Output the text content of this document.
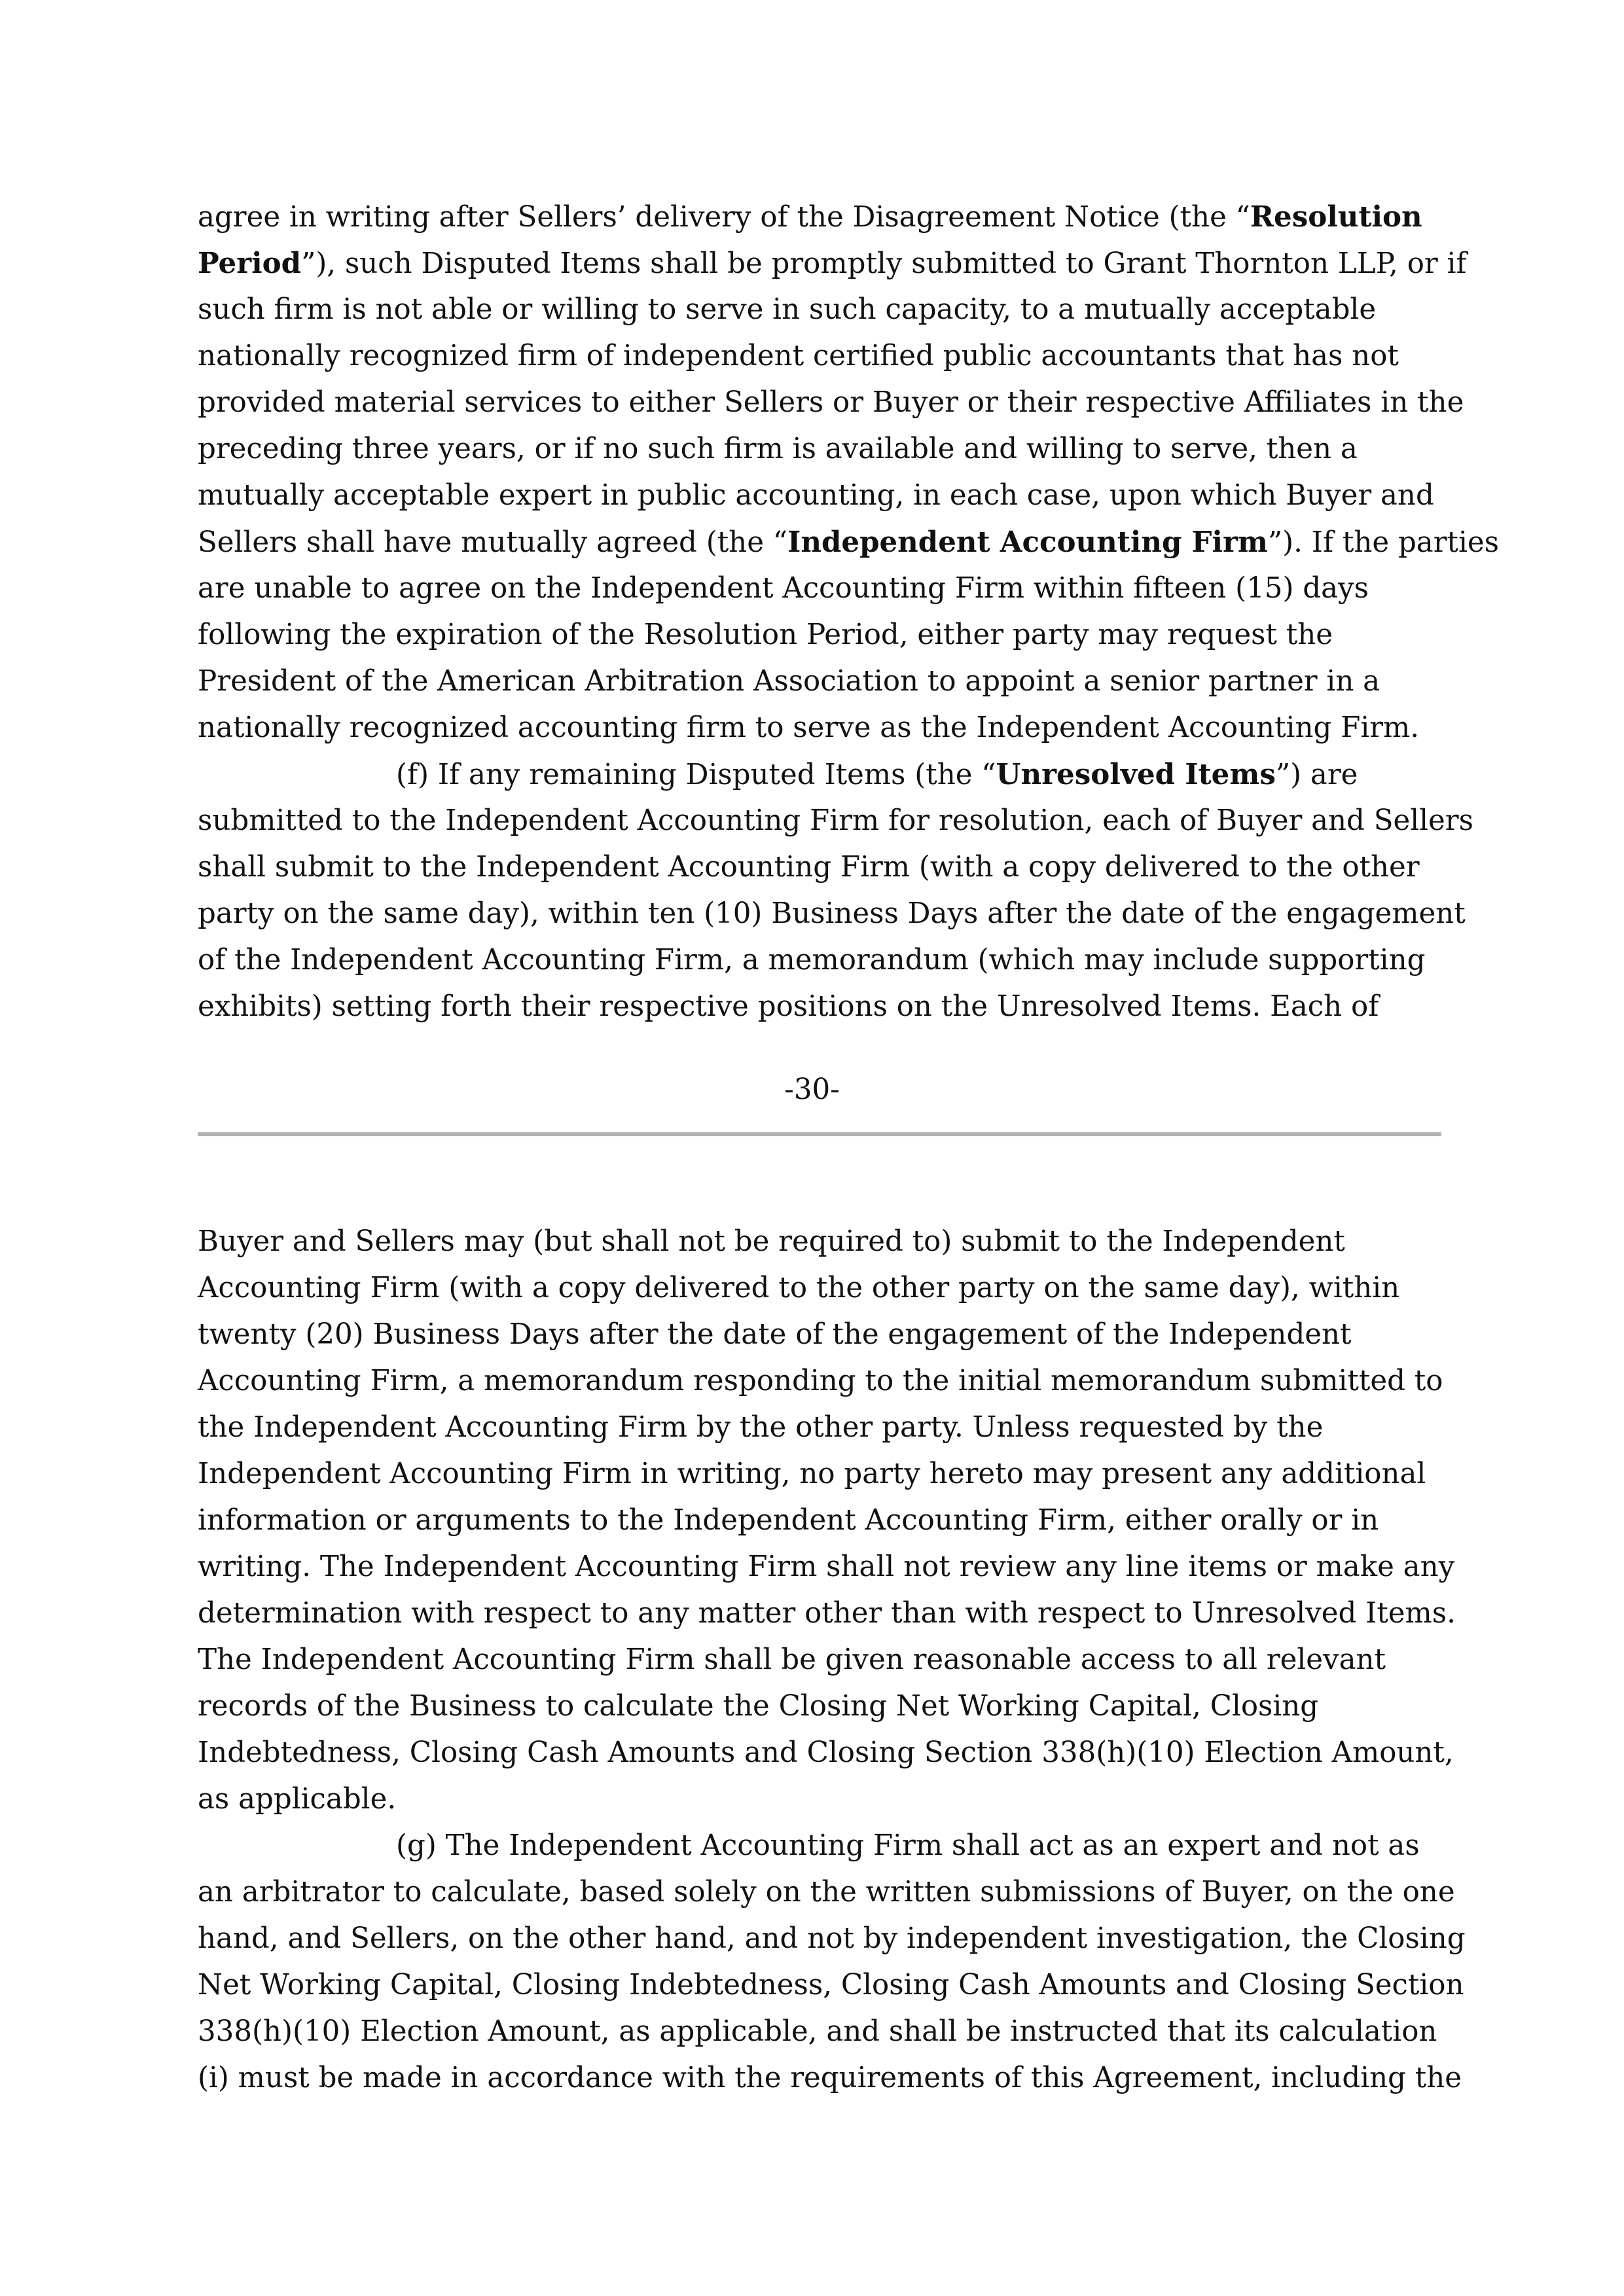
agree in writing after Sellers’ delivery of the Disagreement Notice (the “Resolution
Period”), such Disputed Items shall be promptly submitted to Grant Thornton LLP, or if
such firm is not able or willing to serve in such capacity, to a mutually acceptable
nationally recognized firm of independent certified public accountants that has not
provided material services to either Sellers or Buyer or their respective Affiliates in the
preceding three years, or if no such firm is available and willing to serve, then a
mutually acceptable expert in public accounting, in each case, upon which Buyer and
Sellers shall have mutually agreed (the “Independent Accounting Firm”). If the parties
are unable to agree on the Independent Accounting Firm within fifteen (15) days
following the expiration of the Resolution Period, either party may request the
President of the American Arbitration Association to appoint a senior partner in a
nationally recognized accounting firm to serve as the Independent Accounting Firm.
(f) If any remaining Disputed Items (the “Unresolved Items”) are
submitted to the Independent Accounting Firm for resolution, each of Buyer and Sellers
shall submit to the Independent Accounting Firm (with a copy delivered to the other
party on the same day), within ten (10) Business Days after the date of the engagement
of the Independent Accounting Firm, a memorandum (which may include supporting
exhibits) setting forth their respective positions on the Unresolved Items. Each of
-30-
Buyer and Sellers may (but shall not be required to) submit to the Independent
Accounting Firm (with a copy delivered to the other party on the same day), within
twenty (20) Business Days after the date of the engagement of the Independent
Accounting Firm, a memorandum responding to the initial memorandum submitted to
the Independent Accounting Firm by the other party. Unless requested by the
Independent Accounting Firm in writing, no party hereto may present any additional
information or arguments to the Independent Accounting Firm, either orally or in
writing. The Independent Accounting Firm shall not review any line items or make any
determination with respect to any matter other than with respect to Unresolved Items.
The Independent Accounting Firm shall be given reasonable access to all relevant
records of the Business to calculate the Closing Net Working Capital, Closing
Indebtedness, Closing Cash Amounts and Closing Section 338(h)(10) Election Amount,
as applicable.
(g) The Independent Accounting Firm shall act as an expert and not as
an arbitrator to calculate, based solely on the written submissions of Buyer, on the one
hand, and Sellers, on the other hand, and not by independent investigation, the Closing
Net Working Capital, Closing Indebtedness, Closing Cash Amounts and Closing Section
338(h)(10) Election Amount, as applicable, and shall be instructed that its calculation
(i) must be made in accordance with the requirements of this Agreement, including the
